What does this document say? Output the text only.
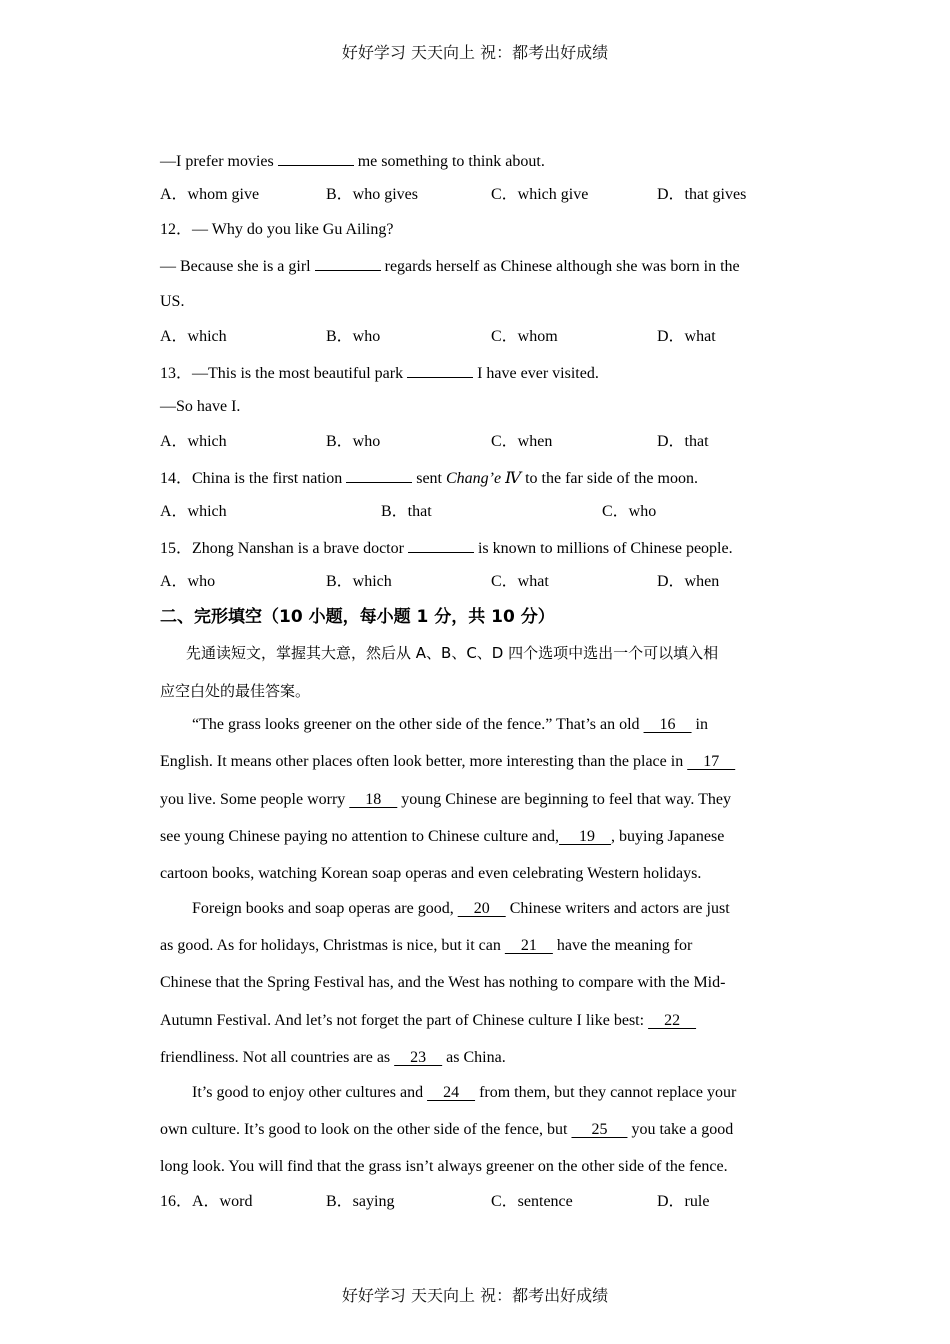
好好学习 天天向上 祝：都考出好成绩
—I prefer movies	me something to think about.
A．whom give	B．who gives	C．which give	D．that gives
12．— Why do you like Gu Ailing?
— Because she is a girl	regards herself as Chinese although she was born in the
US.
A．which	B．who	C．whom	D．what
13．—This is the most beautiful park	I have ever visited.
—So have I.
A．which	B．who	C．when	D．that
14．China is the first nation	sent Chang’e Ⅳ to the far side of the moon.
A．which	B．that	C．who
15．Zhong Nanshan is a brave doctor	is known to millions of Chinese people.
A．who	B．which	C．what	D．when
二、完形填空（10 小题，每小题 1 分，共 10 分）
先通读短文，掌握其大意，然后从 A、B、C、D 四个选项中选出一个可以填入相
应空白处的最佳答案。
“The grass looks greener on the other side of the fence.” That’s an old     16     in
English. It means other places often look better, more interesting than the place in     17
you live. Some people worry     18     young Chinese are beginning to feel that way. They
see young Chinese paying no attention to Chinese culture and,     19    , buying Japanese
cartoon books, watching Korean soap operas and even celebrating Western holidays.
Foreign books and soap operas are good,     20     Chinese writers and actors are just
as good. As for holidays, Christmas is nice, but it can     21     have the meaning for
Chinese that the Spring Festival has, and the West has nothing to compare with the Mid-
Autumn Festival. And let’s not forget the part of Chinese culture I like best:     22
friendliness. Not all countries are as     23     as China.
It’s good to enjoy other cultures and     24     from them, but they cannot replace your
own culture. It’s good to look on the other side of the fence, but      25      you take a good
long look. You will find that the grass isn’t always greener on the other side of the fence.
16．A．word	B．saying	C．sentence	D．rule
好好学习 天天向上 祝：都考出好成绩
